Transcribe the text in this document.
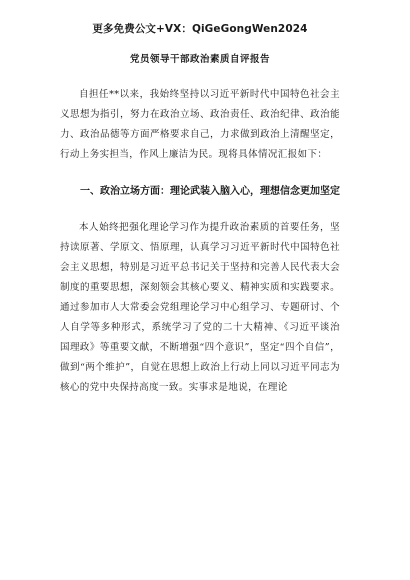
更多免费公文+VX：QiGeGongWen2024
党员领导干部政治素质自评报告

自担任**以来，我始终坚持以习近平新时代中国特色社会主义思想为指引，努力在政治立场、政治责任、政治纪律、政治能力、政治品德等方面严格要求自己，力求做到政治上清醒坚定，行动上务实担当，作风上廉洁为民。现将具体情况汇报如下：

一、政治立场方面：理论武装入脑入心，理想信念更加坚定

本人始终把强化理论学习作为提升政治素质的首要任务，坚持读原著、学原文、悟原理，认真学习习近平新时代中国特色社会主义思想，特别是习近平总书记关于坚持和完善人民代表大会制度的重要思想，深刻领会其核心要义、精神实质和实践要求。通过参加市人大常委会党组理论学习中心组学习、专题研讨、个人自学等多种形式，系统学习了党的二十大精神、《习近平谈治国理政》等重要文献，不断增强“四个意识”，坚定“四个自信”，做到“两个维护”，自觉在思想上政治上行动上同以习近平同志为核心的党中央保持高度一致。实事求是地说，在理论
